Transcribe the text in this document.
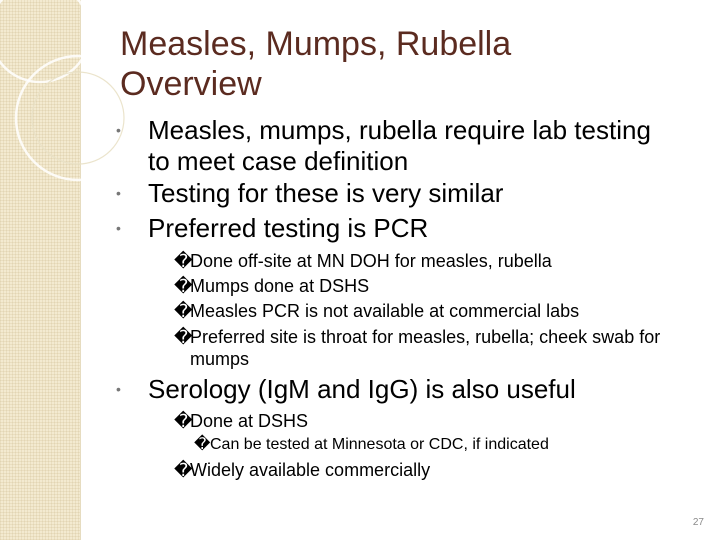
Measles, Mumps, Rubella
Overview
• Measles, mumps, rubella require lab testing to meet case definition
• Testing for these is very similar
• Preferred testing is PCR
�
Done off-site at MN DOH for measles, rubella
�
Mumps done at DSHS
�
Measles PCR is not available at commercial labs
�
Preferred site is throat for measles, rubella; cheek swab for mumps
• Serology (IgM and IgG) is also useful
�
Done at DSHS
� Can be tested at Minnesota or CDC, if indicated
�
Widely available commercially
27
